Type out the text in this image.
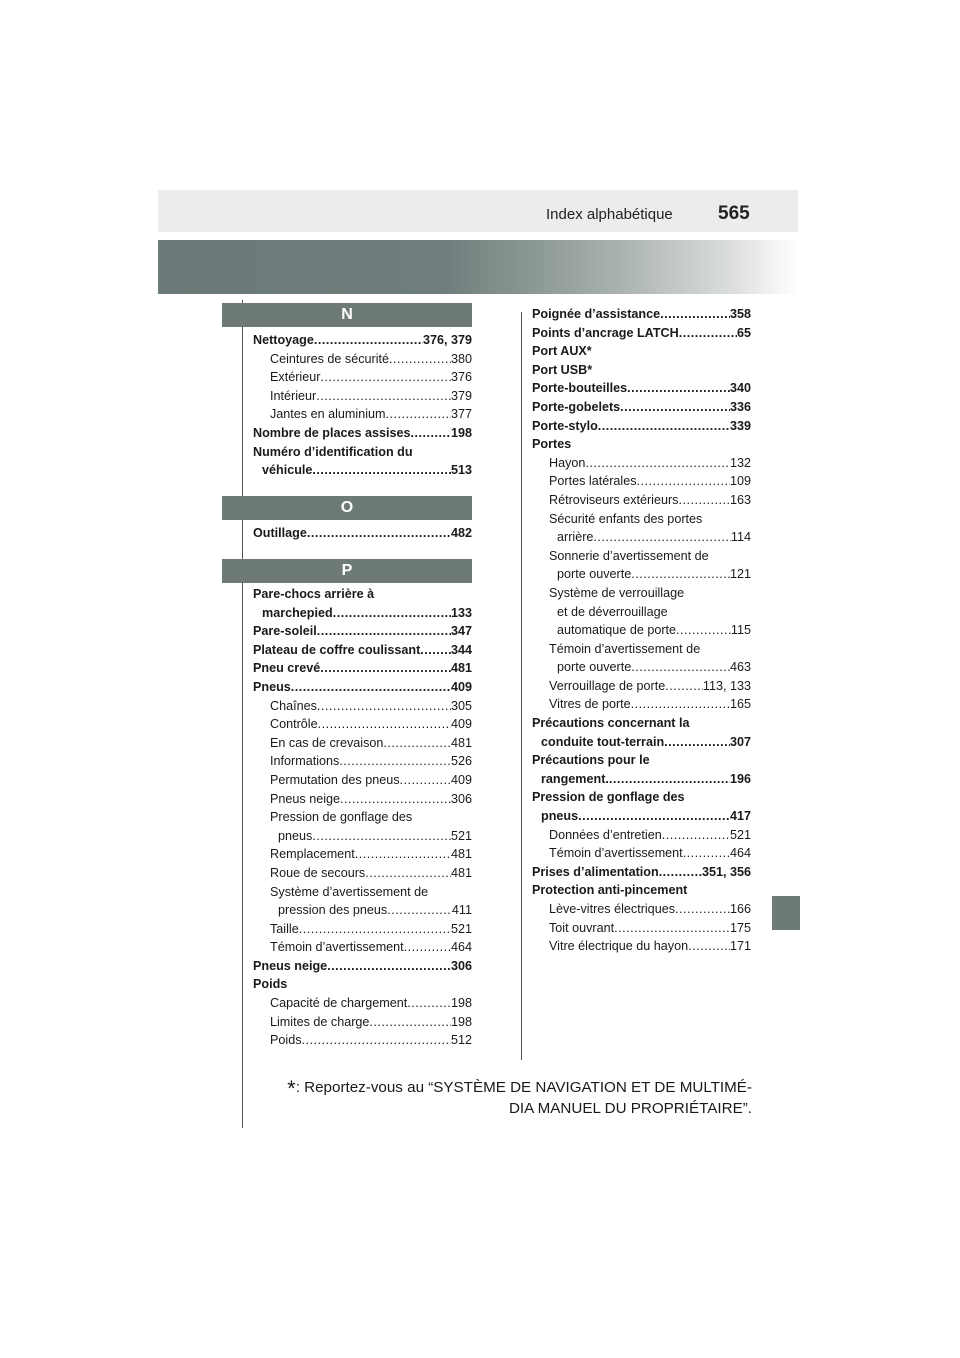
Index alphabétique 565
N
O
P
Nettoyage .....	376, 379
Ceintures de sécurité .....	380
Extérieur .....	376
Intérieur .....	379
Jantes en aluminium .....	377
Nombre de places assises .....	198
Numéro d’identification du
véhicule .....	513
Outillage .....	482
Pare-chocs arrière à
marchepied .....	133
Pare-soleil .....	347
Plateau de coffre coulissant ..... 344
Pneu crevé .....	481
Pneus .....	409
Chaînes .....	305
Contrôle .....	409
En cas de crevaison .....	481
Informations .....	526
Permutation des pneus .....	409
Pneus neige .....	306
Pression de gonflage des
pneus .....	521
Remplacement .....	481
Roue de secours .....	481
Système d’avertissement de
pression des pneus .....	411
Taille .....	521
Témoin d’avertissement .....	464
Pneus neige .....	306
Poids
Capacité de chargement .....	198
Limites de charge .....	198
Poids .....	512
Poignée d’assistance .....	358
Points d’ancrage LATCH .....	65
Port AUX*
Port USB*
Porte-bouteilles .....	340
Porte-gobelets .....	336
Porte-stylo .....	339
Portes
Hayon .....	132
Portes latérales .....	109
Rétroviseurs extérieurs .....	163
Sécurité enfants des portes
arrière .....	114
Sonnerie d’avertissement de
porte ouverte .....	121
Système de verrouillage
et de déverrouillage
automatique de porte .....	115
Témoin d’avertissement de
porte ouverte .....	463
Verrouillage de porte .....	113, 133
Vitres de porte .....	165
Précautions concernant la
conduite tout-terrain .....	307
Précautions pour le
rangement. .....	196
Pression de gonflage des
pneus .....	417
Données d’entretien .....	521
Témoin d’avertissement .....	464
Prises d’alimentation .....	351, 356
Protection anti-pincement
Lève-vitres électriques .....	166
Toit ouvrant .....	175
Vitre électrique du hayon .....	171
*: Reportez-vous au “SYSTÈME DE NAVIGATION ET DE MULTIMÉ-
DIA MANUEL DU PROPRIÉTAIRE”.
